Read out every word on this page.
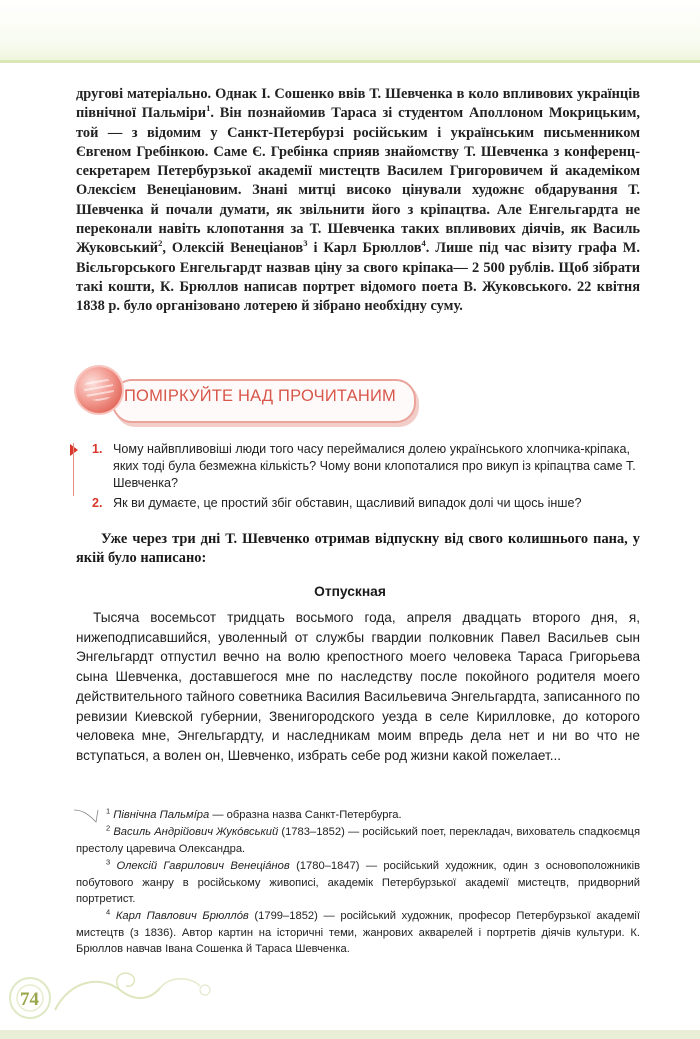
другові матеріально. Однак І. Сошенко ввів Т. Шевченка в коло впливових українців північної Пальміри$^1$. Він познайомив Тараса зі студентом Аполлоном Мокрицьким, той — з відомим у Санкт-Петербурзі російським і українським письменником Євгеном Гребінкою. Саме Є. Гребінка сприяв знайомству Т. Шевченка з конференц-секретарем Петербурзької академії мистецтв Василем Григоровичем й академіком Олексієм Венеціановим. Знані митці високо цінували художнє обдарування Т. Шевченка й почали думати, як звільнити його з кріпацтва. Але Енгельгардта не переконали навіть клопотання за Т. Шевченка таких впливових діячів, як Василь Жуковський$^2$, Олексій Венеціанов$^3$ і Карл Брюллов$^4$. Лише під час візиту графа М. Вієльгорського Енгельгардт назвав ціну за свого кріпака— 2 500 рублів. Щоб зібрати такі кошти, К. Брюллов написав портрет відомого поета В. Жуковського. 22 квітня 1838 р. було організовано лотерею й зібрано необхідну суму.
ПОМІРКУЙТЕ НАД ПРОЧИТАНИМ
1. Чому найвпливовіші люди того часу переймалися долею українського хлопчика-кріпака, яких тоді була безмежна кількість? Чому вони клопоталися про викуп із кріпацтва саме Т. Шевченка?
2. Як ви думаєте, це простий збіг обставин, щасливий випадок долі чи щось інше?
Уже через три дні Т. Шевченко отримав відпускну від свого колишнього пана, у якій було написано:
Отпускная
Тысяча восемьсот тридцать восьмого года, апреля двадцать второго дня, я, нижеподписавшийся, уволенный от службы гвардии полковник Павел Васильев сын Энгельгардт отпустил вечно на волю крепостного моего человека Тараса Григорьева сына Шевченка, доставшегося мне по наследству после покойного родителя моего действительного тайного советника Василия Васильевича Энгельгардта, записанного по ревизии Киевской губернии, Звенигородского уезда в селе Кирилловке, до которого человека мне, Энгельгардту, и наследникам моим впредь дела нет и ни во что не вступаться, а волен он, Шевченко, избрать себе род жизни какой пожелает...

$^1$ Північна Пальмíра — образна назва Санкт-Петербурга.

$^2$ Василь Андрійович Жукóвський (1783–1852) — російський поет, перекладач, вихователь спадкоємця престолу царевича Олександра.

$^3$ Олексій Гаврилович Венеціáнов (1780–1847) — російський художник, один з основоположників побутового жанру в російському живописі, академік Петербурзької академії мистецтв, придворний портретист.

$^4$ Карл Павлович Брюллóв (1799–1852) — російський художник, професор Петербурзької академії мистецтв (з 1836). Автор картин на історичні теми, жанрових акварелей і портретів діячів культури. К. Брюллов навчав Івана Сошенка й Тараса Шевченка.

74
